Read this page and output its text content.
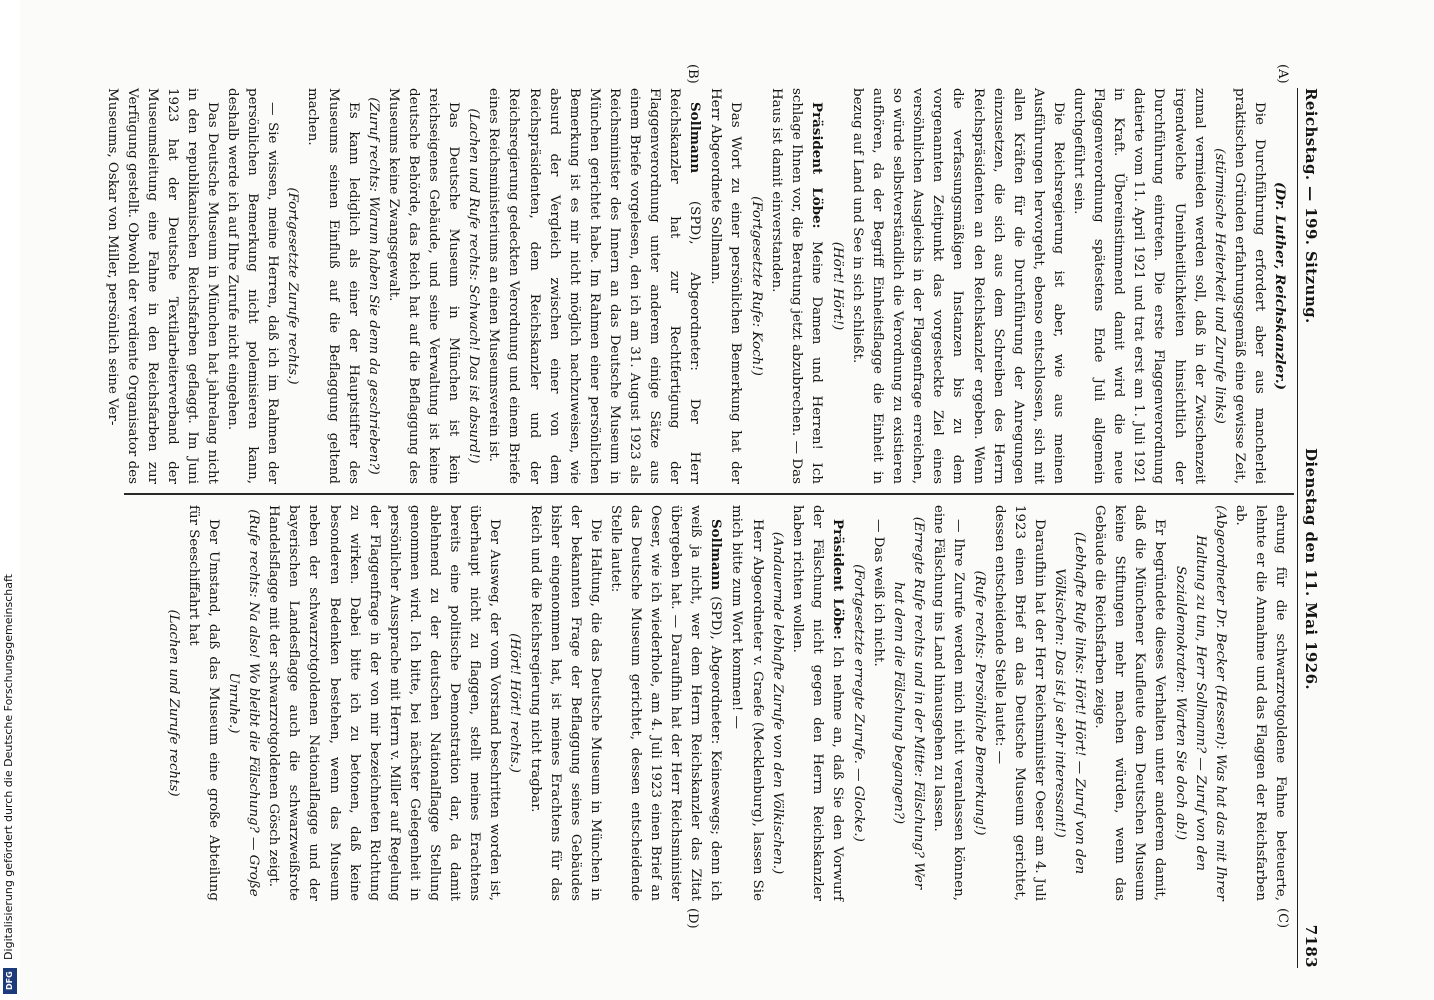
Reichstag. — 199. Sitzung.
Dienstag den 11. Mai 1926.
7183
(A)
(B)
(C)
(D)

(Dr. Luther, Reichskanzler.)

Die Durchführung erfordert aber aus mancherlei praktischen Gründen erfahrungsgemäß eine gewisse Zeit,

(stürmische Heiterkeit und Zurufe links)

zumal vermieden werden soll, daß in der Zwischenzeit irgendwelche Uneinheitlichkeiten hinsichtlich der Durchführung eintreten. Die erste Flaggenverordnung datierte vom 11. April 1921 und trat erst am 1. Juli 1921 in Kraft. Übereinstimmend damit wird die neue Flaggenverordnung spätestens Ende Juli allgemein durchgeführt sein.

Die Reichsregierung ist aber, wie aus meinen Ausführungen hervorgeht, ebenso entschlossen, sich mit allen Kräften für die Durchführung der Anregungen einzusetzen, die sich aus dem Schreiben des Herrn Reichspräsidenten an den Reichskanzler ergeben. Wenn die verfassungsmäßigen Instanzen bis zu dem vorgenannten Zeitpunkt das vorgesteckte Ziel eines versöhnlichen Ausgleichs in der Flaggenfrage erreichen, so würde selbstverständlich die Verordnung zu existieren aufhören, da der Begriff Einheitsflagge die Einheit in bezug auf Land und See in sich schließt.

(Hört! Hört!)

Präsident Löbe: Meine Damen und Herren! Ich schlage Ihnen vor, die Beratung jetzt abzubrechen. — Das Haus ist damit einverstanden.

(Fortgesetzte Rufe: Koch!)

Das Wort zu einer persönlichen Bemerkung hat der Herr Abgeordnete Sollmann.

Sollmann (SPD), Abgeordneter: Der Herr Reichskanzler hat zur Rechtfertigung der Flaggenverordnung unter anderem einige Sätze aus einem Briefe vorgelesen, den ich am 31. August 1923 als Reichsminister des Innern an das Deutsche Museum in München gerichtet habe. Im Rahmen einer persönlichen Bemerkung ist es mir nicht möglich nachzuweisen, wie absurd der Vergleich zwischen einer von dem Reichspräsidenten, dem Reichskanzler und der Reichsregierung gedeckten Verordnung und einem Briefe eines Reichsministeriums an einen Museumsverein ist.

(Lachen und Rufe rechts: Schwach! Das ist absurd!)

Das Deutsche Museum in München ist kein reichseigenes Gebäude, und seine Verwaltung ist keine deutsche Behörde, das Reich hat auf die Beflaggung des Museums keine Zwangsgewalt.

(Zuruf rechts: Warum haben Sie denn da geschrieben?)

Es kann lediglich als einer der Hauptstifter des Museums seinen Einfluß auf die Beflaggung geltend machen.

(Fortgesetzte Zurufe rechts.)

— Sie wissen, meine Herren, daß ich im Rahmen der persönlichen Bemerkung nicht polemisieren kann, deshalb werde ich auf Ihre Zurufe nicht eingehen.

Das Deutsche Museum in München hat jahrelang nicht in den republikanischen Reichsfarben geflaggt. Im Juni 1923 hat der Deutsche Textilarbeiterverband der Museumsleitung eine Fahne in den Reichsfarben zur Verfügung gestellt. Obwohl der verdiente Organisator des Museums, Oskar von Miller, persönlich seine Ver-

ehrung für die schwarzrotgoldene Fahne beteuerte, lehnte er die Annahme und das Flaggen der Reichsfarben ab.

(Abgeordneter Dr. Becker (Hessen): Was hat das mit Ihrer Haltung zu tun, Herr Sollmann? — Zuruf von den Sozialdemokraten: Warten Sie doch ab!)

Er begründete dieses Verhalten unter anderem damit, daß die Münchener Kaufleute dem Deutschen Museum keine Stiftungen mehr machen würden, wenn das Gebäude die Reichsfarben zeige.

(Lebhafte Rufe links: Hört! Hört! — Zuruf von den Völkischen: Das ist ja sehr interessant!)

Daraufhin hat der Herr Reichsminister Oeser am 4. Juli 1923 einen Brief an das Deutsche Museum gerichtet, dessen entscheidende Stelle lautet: —

(Rufe rechts: Persönliche Bemerkung!)

— Ihre Zurufe werden mich nicht veranlassen können, eine Fälschung ins Land hinausgehen zu lassen.

(Erregte Rufe rechts und in der Mitte: Fälschung? Wer hat denn die Fälschung begangen?)

— Das weiß ich nicht.

(Fortgesetzte erregte Zurufe. — Glocke.)

Präsident Löbe: Ich nehme an, daß Sie den Vorwurf der Fälschung nicht gegen den Herrn Reichskanzler haben richten wollen.

(Andauernde lebhafte Zurufe von den Völkischen.)

Herr Abgeordneter v. Graefe (Mecklenburg), lassen Sie mich bitte zum Wort kommen! —

Sollmann (SPD), Abgeordneter: Keineswegs; denn ich weiß ja nicht, wer dem Herrn Reichskanzler das Zitat übergeben hat. — Daraufhin hat der Herr Reichsminister Oeser, wie ich wiederhole, am 4. Juli 1923 einen Brief an das Deutsche Museum gerichtet, dessen entscheidende Stelle lautet:

Die Haltung, die das Deutsche Museum in München in der bekannten Frage der Beflaggung seines Gebäudes bisher eingenommen hat, ist meines Erachtens für das Reich und die Reichsregierung nicht tragbar.

(Hört! Hört! rechts.)

Der Ausweg, der vom Vorstand beschritten worden ist, überhaupt nicht zu flaggen, stellt meines Erachtens bereits eine politische Demonstration dar, da damit ablehnend zu der deutschen Nationalflagge Stellung genommen wird. Ich bitte, bei nächster Gelegenheit in persönlicher Aussprache mit Herrn v. Miller auf Regelung der Flaggenfrage in der von mir bezeichneten Richtung zu wirken. Dabei bitte ich zu betonen, daß keine besonderen Bedenken bestehen, wenn das Museum neben der schwarzrotgoldenen Nationalflagge und der bayerischen Landesflagge auch die schwarzweißrote Handelsflagge mit der schwarzrotgoldenen Gösch zeigt.

(Rufe rechts: Na also! Wo bleibt die Fälschung? — Große Unruhe.)

Der Umstand, daß das Museum eine große Abteilung für Seeschiffahrt hat

(Lachen und Zurufe rechts)

Digitalisierung gefördert durch die Deutsche Forschungsgemeinschaft
DFG
